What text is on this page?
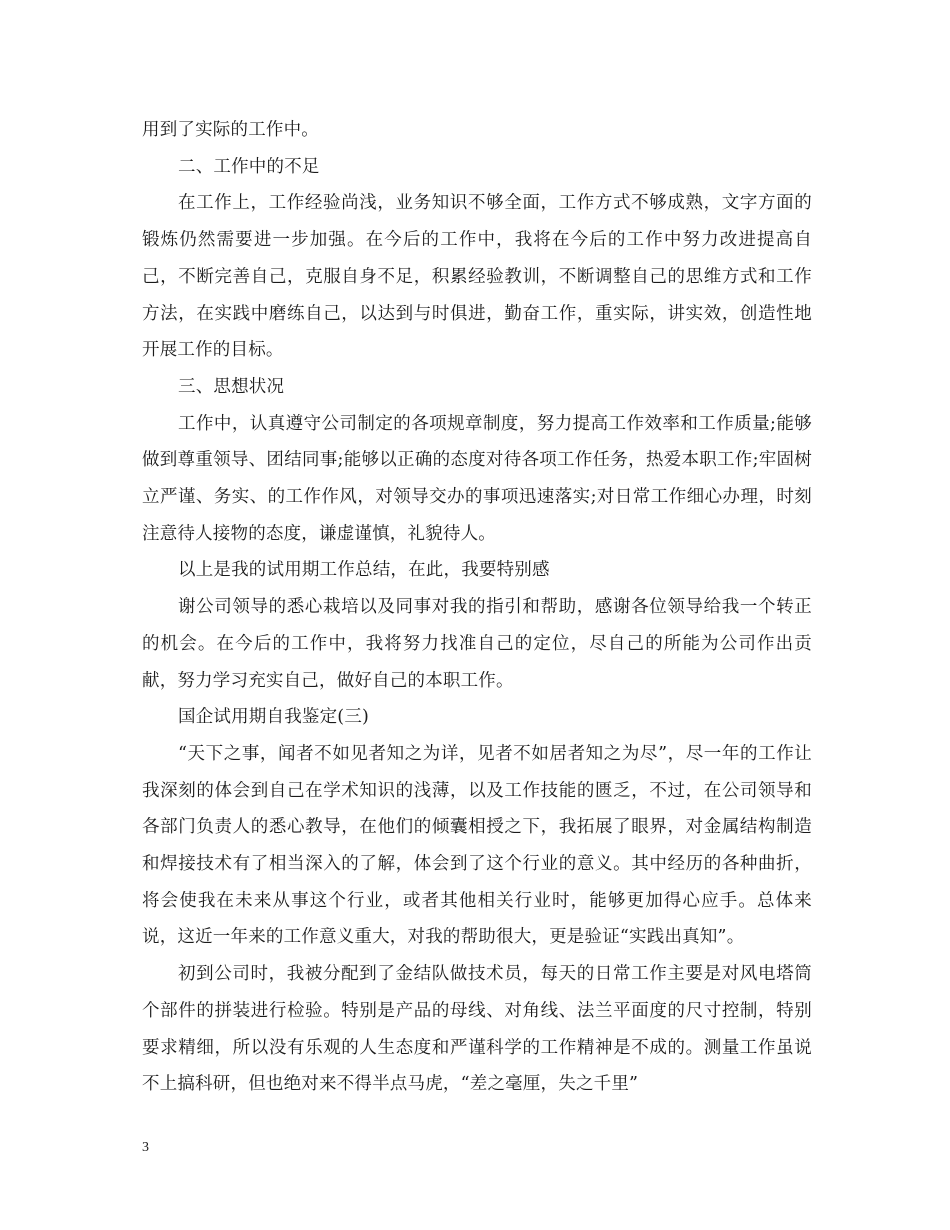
用到了实际的工作中。

二、工作中的不足

在工作上，工作经验尚浅，业务知识不够全面，工作方式不够成熟，文字方面的锻炼仍然需要进一步加强。在今后的工作中，我将在今后的工作中努力改进提高自己，不断完善自己，克服自身不足，积累经验教训，不断调整自己的思维方式和工作方法，在实践中磨练自己，以达到与时俱进，勤奋工作，重实际，讲实效，创造性地开展工作的目标。

三、思想状况

工作中，认真遵守公司制定的各项规章制度，努力提高工作效率和工作质量;能够做到尊重领导、团结同事;能够以正确的态度对待各项工作任务，热爱本职工作;牢固树立严谨、务实、的工作作风，对领导交办的事项迅速落实;对日常工作细心办理，时刻注意待人接物的态度，谦虚谨慎，礼貌待人。

以上是我的试用期工作总结，在此，我要特别感

谢公司领导的悉心栽培以及同事对我的指引和帮助，感谢各位领导给我一个转正的机会。在今后的工作中，我将努力找准自己的定位，尽自己的所能为公司作出贡献，努力学习充实自己，做好自己的本职工作。

国企试用期自我鉴定(三)

“天下之事，闻者不如见者知之为详，见者不如居者知之为尽”，尽一年的工作让我深刻的体会到自己在学术知识的浅薄，以及工作技能的匮乏，不过，在公司领导和各部门负责人的悉心教导，在他们的倾囊相授之下，我拓展了眼界，对金属结构制造和焊接技术有了相当深入的了解，体会到了这个行业的意义。其中经历的各种曲折，将会使我在未来从事这个行业，或者其他相关行业时，能够更加得心应手。总体来说，这近一年来的工作意义重大，对我的帮助很大，更是验证“实践出真知”。

初到公司时，我被分配到了金结队做技术员，每天的日常工作主要是对风电塔筒个部件的拼装进行检验。特别是产品的母线、对角线、法兰平面度的尺寸控制，特别要求精细，所以没有乐观的人生态度和严谨科学的工作精神是不成的。测量工作虽说不上搞科研，但也绝对来不得半点马虎，“差之毫厘，失之千里”

3
